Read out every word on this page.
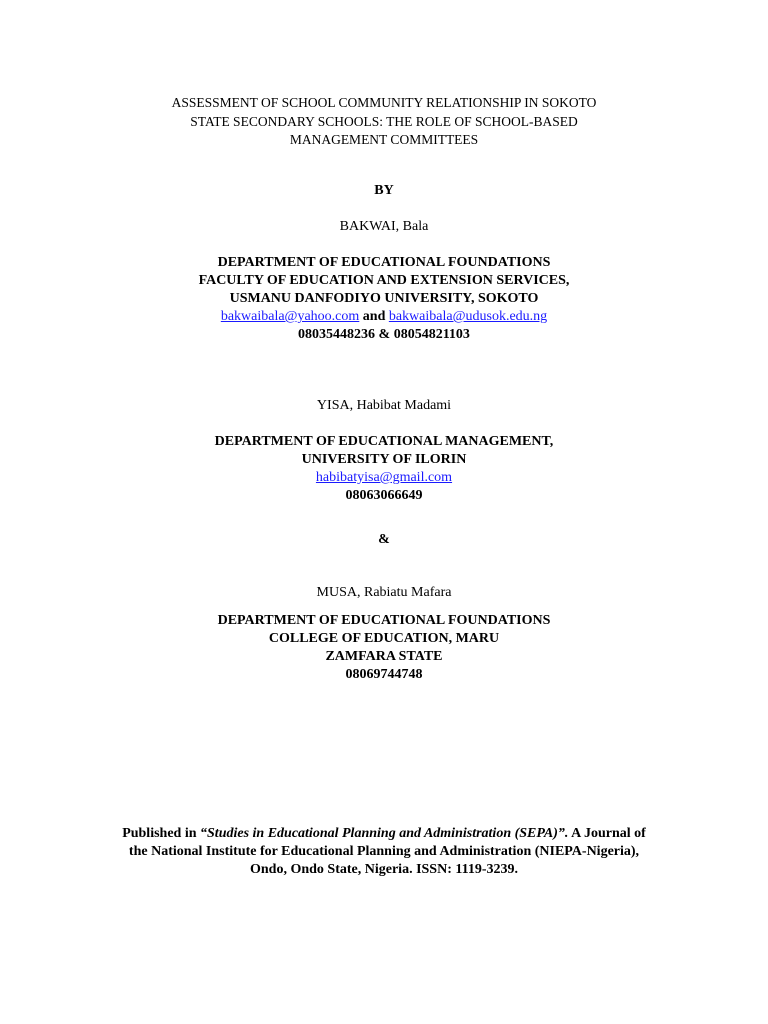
ASSESSMENT OF SCHOOL COMMUNITY RELATIONSHIP IN SOKOTO
STATE SECONDARY SCHOOLS: THE ROLE OF SCHOOL-BASED
MANAGEMENT COMMITTEES
BY
BAKWAI, Bala
DEPARTMENT OF EDUCATIONAL FOUNDATIONS
FACULTY OF EDUCATION AND EXTENSION SERVICES,
USMANU DANFODIYO UNIVERSITY, SOKOTO
bakwaibala@yahoo.com and bakwaibala@udusok.edu.ng
08035448236 & 08054821103
YISA, Habibat Madami
DEPARTMENT OF EDUCATIONAL MANAGEMENT,
UNIVERSITY OF ILORIN
habibatyisa@gmail.com
08063066649
&
MUSA, Rabiatu Mafara
DEPARTMENT OF EDUCATIONAL FOUNDATIONS
COLLEGE OF EDUCATION, MARU
ZAMFARA STATE
08069744748
Published in “Studies in Educational Planning and Administration (SEPA)”. A Journal of
the National Institute for Educational Planning and Administration (NIEPA-Nigeria),
Ondo, Ondo State, Nigeria. ISSN: 1119-3239.
